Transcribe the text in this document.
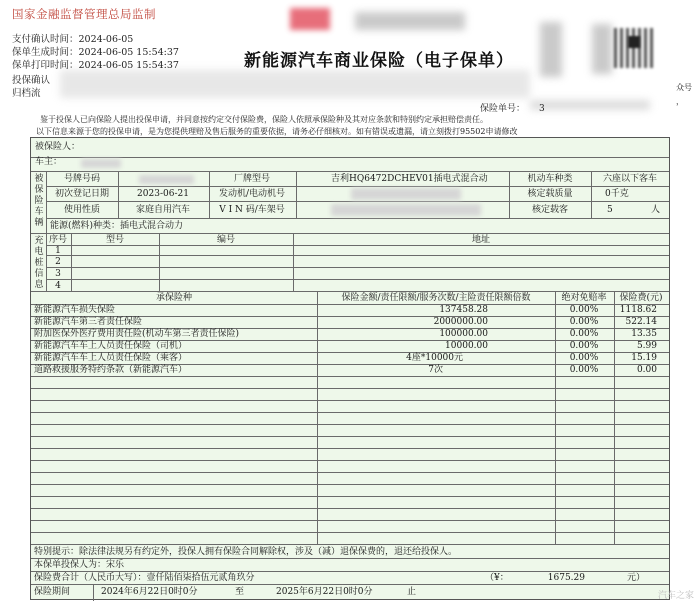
国家金融监督管理总局监制
支付确认时间：2024-06-05
保单生成时间：2024-06-05 15:54:37
保单打印时间：2024-06-05 15:54:37
投保确认
归档流
新能源汽车商业保险（电子保单）
众号
，
保险单号： 3
鉴于投保人已向保险人提出投保申请，并同意按约定交付保险费，保险人依照承保险种及其对应条款和特别约定承担赔偿责任。
以下信息来源于您的投保申请，是为您提供理赔及售后服务的重要依据，请务必仔细核对。如有错误或遗漏，请立刻拨打95502申请修改
被保险人：
车主：
被保险车辆
号牌号码	厂牌型号	吉利HQ6472DCHEV01插电式混合动	机动车种类	六座以下客车
初次登记日期	2023-06-21	发动机/电动机号	核定载质量	0千克
使用性质	家庭自用汽车	V I N 码/车架号	核定载客	5	人
能源(燃料)种类：插电式混合动力
充电桩信息
序号	型号	编号	地址
1
2
3
4
承保险种	保险金额/责任限额/服务次数/主险责任限额倍数	绝对免赔率 保险费(元)
新能源汽车损失保险	137458.28	0.00% 1118.62
新能源汽车第三者责任保险	2000000.00	0.00%	522.14
附加医保外医疗费用责任险(机动车第三者责任保险)	100000.00	0.00%	13.35
新能源汽车车上人员责任保险（司机）	10000.00	0.00%	5.99
新能源汽车车上人员责任保险（乘客）	4座*10000元	0.00%	15.19
道路救援服务特约条款（新能源汽车）	7次	0.00%	0.00
特别提示：除法律法规另有约定外，投保人拥有保险合同解除权，涉及（减）退保保费的，退还给投保人。
本保单投保人为：宋乐
保险费合计（人民币大写）：壹仟陆佰柒拾伍元贰角玖分	（¥：	1675.29	元）
保险期间	2024年6月22日0时0分	至	2025年6月22日0时0分	止	汽车之家
